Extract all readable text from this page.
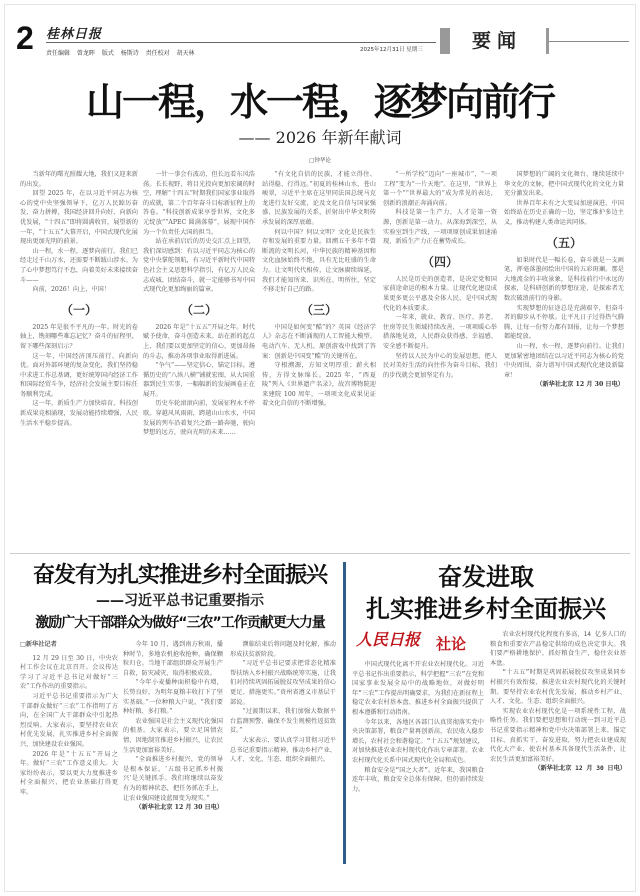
2 桂林日报
责任编辑 曾龙晖 版式 杨斯诗 责任校对 胡天林	2025年12月31日 星期三	要闻
山一程，水一程，逐梦向前行
—— 2026 年新年献词
□钟华论

当新年的曙光照耀大地，我们又迎来新的出发。

回望 2025 年，在以习近平同志为核心的党中央坚强领导下，亿万人民踔厉奋发、奋力拼搏，我国经济回升向好、向新向优发展，“十四五”即将圆满收官，展望新的一年，“十五五”大幕开启，中国式现代化展现出更加光明的前景。

山一程，水一程，逐梦向前行。我们已经走过千山万水，还需要不断跋山涉水。为了心中梦想笃行不怠，向着美好未来接续奋斗——

向前，2026！向上，中国！

（一）

2025 年是很不平凡的一年。时光的卷轴上，镌刻哪些难忘记忆？奋斗的征程里，留下哪些深刻启示？

这一年，中国经济顶压前行、向新向优。面对外部环境的复杂变化，我们坚持稳中求进工作总基调，更好统筹国内经济工作和国际经贸斗争，经济社会发展主要目标任务顺利完成。

这一年，新质生产力加快培育，科技创新成果竞相涌现，发展动能持续增强，人民生活水平稳步提高。

一针一事会有波动，但长远看东风浩荡。长长视野，将目光投向更加宏阔的时空，理解“十四五”时期我们国家事业取得的成就，第二个百年奋斗目标新征程上的答卷。“科技创新成果享誉世界，文化多元绽放”“APEC 圆满落幕”，展现中国作为一个负责任大国的担当。

站在承前启后的历史交汇点上回望，我们深切感到：有以习近平同志为核心的党中央掌舵领航，有习近平新时代中国特色社会主义思想科学指引，有亿万人民众志成城、团结奋斗，就一定能够书写中国式现代化更加绚丽的篇章。

（二）

2026 年是“十五五”开局之年。时代赋予使命，奋斗创造未来。站在新的起点上，我们要以更加坚定的信心、更加昂扬的斗志，推动各项事业取得新进展。

“争气”——坚定信心，锚定目标。遵循历史的“八纵八横”铺就宏图，从大国重器到民生实事，一幅幅新的发展画卷正在展开。

历史车轮滚滚向前，发展征程永不停歇。穿越风风雨雨，跨越山山水水，中国发展的列车沿着复兴之路一路奔驰，驶向梦想的远方，驶向光明的未来……

“有文化自信的民族，才能立得住、站得稳、行得远。”初夏的桂林山水，苍山峻翠，习近平主席在这里同法国总统马克龙进行友好交流，论及文化自信与国家强盛、民族发展的关系，折射出中华文明传承发展的深厚底蕴。

何以中国？何以文明？文化是民族生存和发展的重要力量。回溯五千多年不曾断流的文明长河，中华民族的精神基因和文化血脉始终不绝，具有无比旺盛的生命力。让文明代代相传，让文脉赓续绵延，我们才能知所来、识所在、明所往，坚定不移走好自己的路。

（三）

中国是如何变“酷”的？英国《经济学人》杂志在不断涌现的人工智能大模型、电动汽车、无人机、原创游戏中找到了答案：创新是中国变“酷”的关键所在。

守根溯源，方知文明厚重；薪火相传，方得文脉绵长。2025 年，“西夏陵”列入《世界遗产名录》，故宫博物院迎来建院 100 周年，一项项文化成果见证着文化自信的不断增强。

“一所学校”迈向“一座城市”，“一项工程”变为“一片天地”。在这里，“世界上第一个”“世界最大的”成为常见的表达，创新的浪潮正奔涌向前。

科技是第一生产力，人才是第一资源，创新是第一动力。从深海到深空，从实验室到生产线，一项项原创成果加速涌现，新质生产力正在蓄势成长。

（四）

人民是历史的创造者，是决定党和国家前途命运的根本力量。让现代化建设成果更多更公平惠及全体人民，是中国式现代化的本质要求。

一年来，就业、教育、医疗、养老、住房等民生领域持续改善，一项项暖心举措落地见效，人民群众获得感、幸福感、安全感不断提升。

坚持以人民为中心的发展思想，把人民对美好生活的向往作为奋斗目标，我们的步伐就会更加坚定有力。

国梦想的广阔的文化舞台，继续延续中华文化的文脉，把中国式现代化的文化力量充分激发出来。

世界百年未有之大变局加速演进，中国始终站在历史正确的一边，坚定维护多边主义，推动构建人类命运共同体。

（五）

如果时代是一幅长卷，奋斗就是一支画笔，挥毫落墨间绘出中国的五彩斑斓。那是大地流金的丰收景象，是科技前行中永远的探索，是科研创新的梦想征途，是探索者无数次破浪前行的身影。

实现梦想的征途总是充满艰辛，但奋斗者的脚步从不停歇。让平凡日子过得热气腾腾，让每一份努力都有回报，让每一个梦想都能绽放。

山一程，水一程，逐梦向前行。让我们更加紧密地团结在以习近平同志为核心的党中央周围，奋力谱写中国式现代化建设新篇章！

（新华社北京 12 月 30 日电）

奋发有为扎实推进乡村全面振兴
——习近平总书记重要指示
激励广大干部群众为做好“三农”工作贡献更大力量

□新华社记者

12 月 29 日至 30 日，中央农村工作会议在北京召开。会议传达学习了习近平总书记对做好“三农”工作作出的重要指示。

习近平总书记重要指示为广大干部群众做好“三农”工作指明了方向，在全国广大干部群众中引起热烈反响。大家表示，要坚持农业农村优先发展，扎实推进乡村全面振兴，加快建设农业强国。

2026 年是“十五五”开局之年。做好“三农”工作意义重大。大家纷纷表示，要以更大力度推进乡村全面振兴，把农业基础打得更牢。

今年 10 月，遇到南方秋雨，播种时节，多地农机抢收抢种，确保颗粒归仓。当地干部组织群众开展生产自救，防灾减灾，取得积极成效。

“今年小麦播种面积稳中有增，长势良好，为明年夏粮丰收打下了坚实基础。”一位种粮大户说，“我们要种好粮、多打粮。”

农业强国是社会主义现代化强国的根基。大家表示，要立足国情农情，因地制宜推进乡村振兴，让农民生活更加富裕美好。

“全面推进乡村振兴，党的领导是根本保证。‘五级书记抓乡村振兴’是关键抓手。我们将继续以奋发有为的精神状态，把任务抓在手上，让农业强国建设蓝图变为现实。”

（新华社北京 12 月 30 日电）

濒临结束后将问题及时化解，推动形成扶贫新阶段。

“习近平总书记要求把常态化精准帮扶纳入乡村振兴战略统筹实施，让我们对持续巩固拓展脱贫攻坚成果的信心更足、措施更实。”贵州省遵义市基层干部说。

“过渡期以来，我们加强大数据平台监测预警，确保不发生规模性返贫致贫。”

大家表示，要认真学习贯彻习近平总书记重要指示精神，推动乡村产业、人才、文化、生态、组织全面振兴。

奋发进取
扎实推进乡村全面振兴
人民日报 社论

中国式现代化离不开农业农村现代化。习近平总书记作出重要指示，科学把握“三农”在党和国家事业发展全局中的战略地位，对做好明年“三农”工作提出明确要求，为我们在新征程上稳定农业农村基本盘、推进乡村全面振兴提供了根本遵循和行动指南。

今年以来，各地区各部门认真贯彻落实党中央决策部署，粮食产量再创新高，农民收入稳步增长，农村社会和谐稳定。“十五五”规划建议，对加快推进农业农村现代化作出专章部署。农业农村现代化关系中国式现代化全局和成色。

粮食安全是“国之大者”。近年来，我国粮食连年丰收，粮食安全总体有保障，但仍需持续发力。

农业农村现代化程度有多高，14 亿多人口的粮食和重要农产品稳定供给的成色决定事大。我们要严格耕地保护，抓好粮食生产，稳住农业基本盘。

“十五五”时期是巩固拓展脱贫攻坚成果同乡村振兴有效衔接、推进农业农村现代化的关键时期。要坚持农业农村优先发展，推动乡村产业、人才、文化、生态、组织全面振兴。

实现农业农村现代化是一项系统性工程，战略性任务。我们要把思想和行动统一到习近平总书记重要指示精神和党中央决策部署上来，锚定目标、真抓实干、奋发进取，努力把农业建成现代化大产业、使农村基本具备现代生活条件，让农民生活更加富裕美好。

（新华社北京 12 月 30 日电）
